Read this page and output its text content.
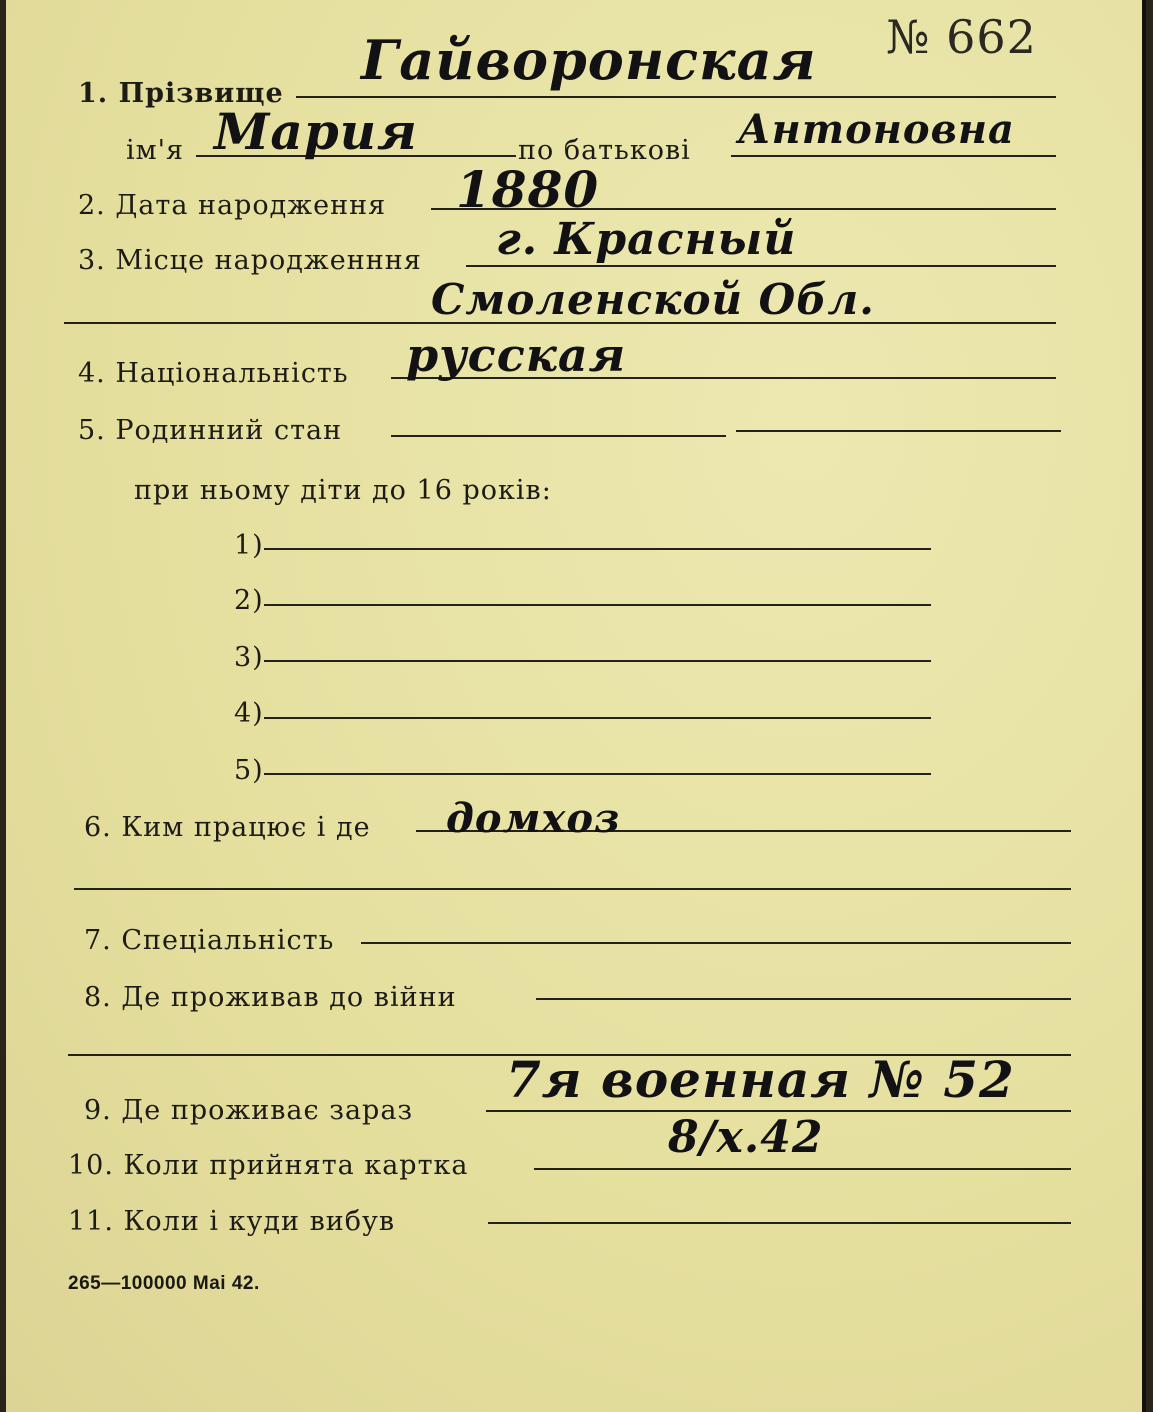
№ 662
1. Прізвище
Гайворонская
ім'я Мария	по батькові Антоновна
2. Дата народження 1880
3. Місце народженння г. Красный
Смоленской Обл.
4. Національність русская
5. Родинний стан
при ньому діти до 16 років:
1)
2)
3)
4)
5)
6. Ким працює і де домхоз
7. Спеціальність
8. Де проживав до війни
9. Де проживає зараз
7я военная № 52
10. Коли прийнята картка
8/х.42
11. Коли і куди вибув
265—100000 Mai 42.
